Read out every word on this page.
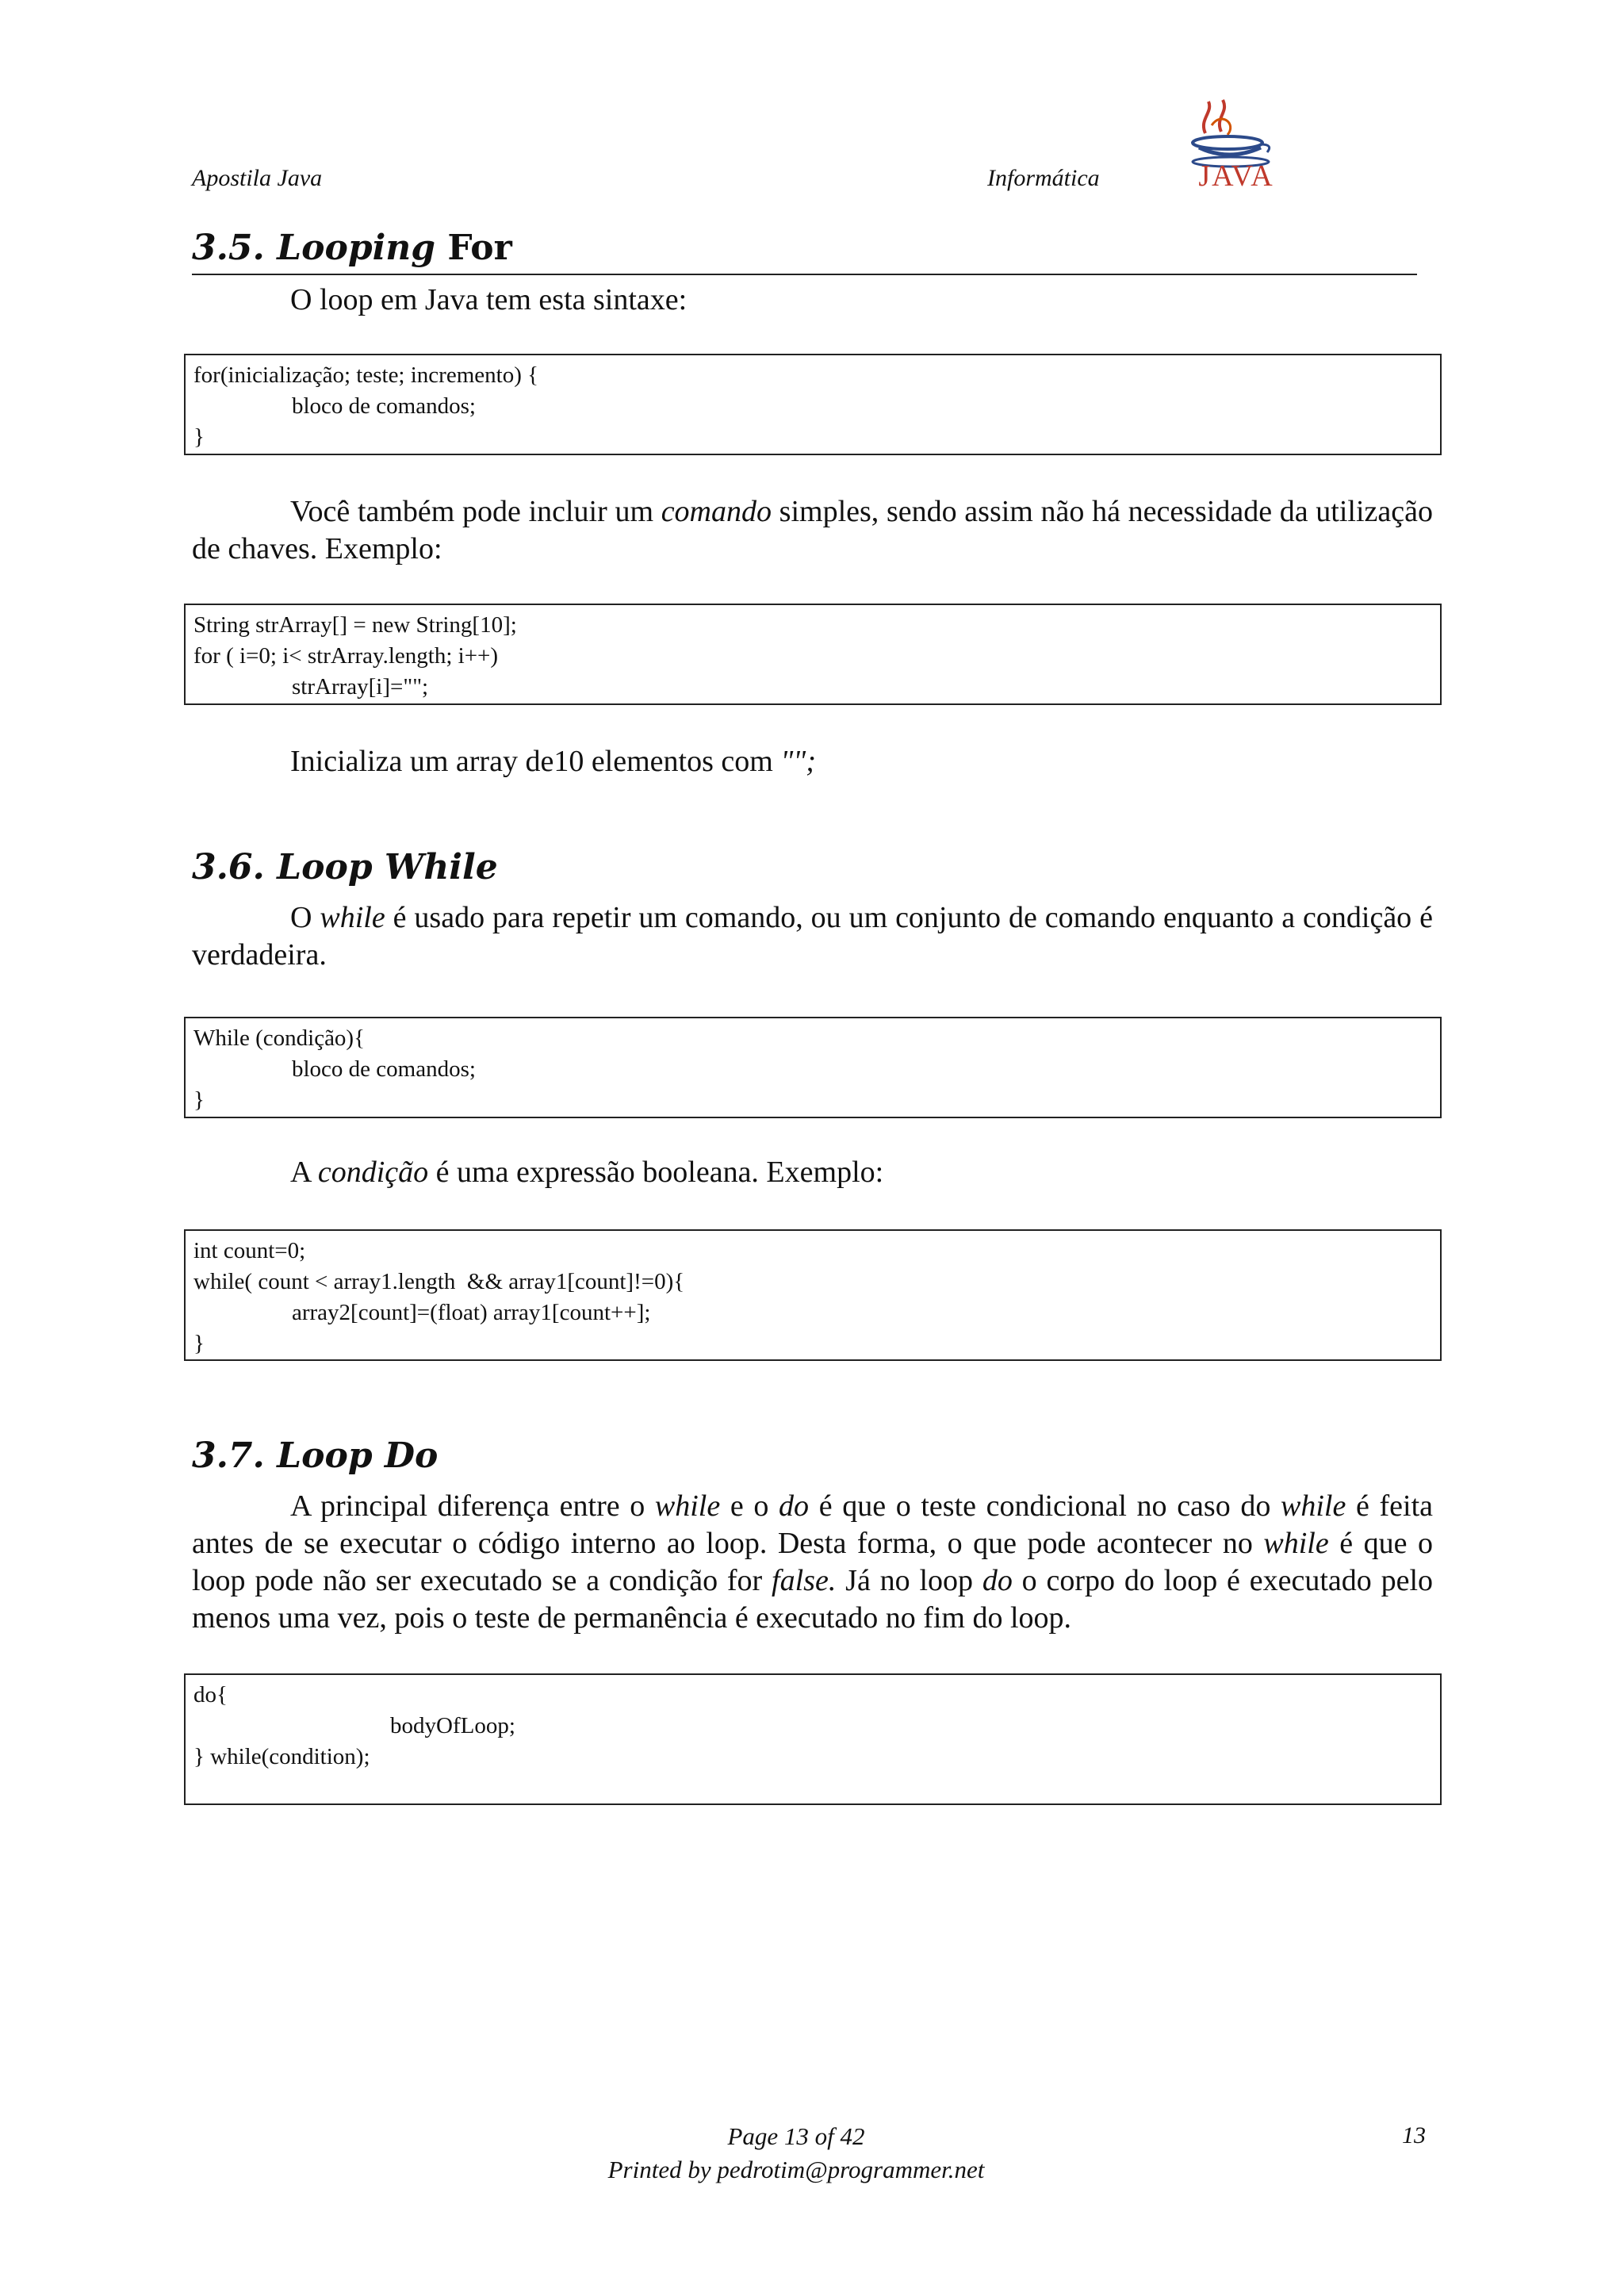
Apostila Java	Informática	JAVA
3.5. Looping For
O loop em Java tem esta sintaxe:
for(inicialização; teste; incremento) {
bloco de comandos;
}

Você também pode incluir um comando simples, sendo assim não há necessidade da utilização de chaves. Exemplo:

String strArray[] = new String[10];
for ( i=0; i< strArray.length; i++)
strArray[i]="";
Inicializa um array de10 elementos com "";
3.6. Loop While

O while é usado para repetir um comando, ou um conjunto de comando enquanto a condição é verdadeira.

While (condição){
bloco de comandos;
}
A condição é uma expressão booleana. Exemplo:
int count=0;
while( count < array1.length  && array1[count]!=0){
array2[count]=(float) array1[count++];
}
3.7. Loop Do

A principal diferença entre o while e o do é que o teste condicional no caso do while é feita antes de se executar o código interno ao loop. Desta forma, o que pode acontecer no while é que o loop pode não ser executado se a condição for false. Já no loop do o corpo do loop é executado pelo menos uma vez, pois o teste de permanência é executado no fim do loop.

do{
bodyOfLoop;
} while(condition);
Page 13 of 42
Printed by pedrotim@programmer.net
13
